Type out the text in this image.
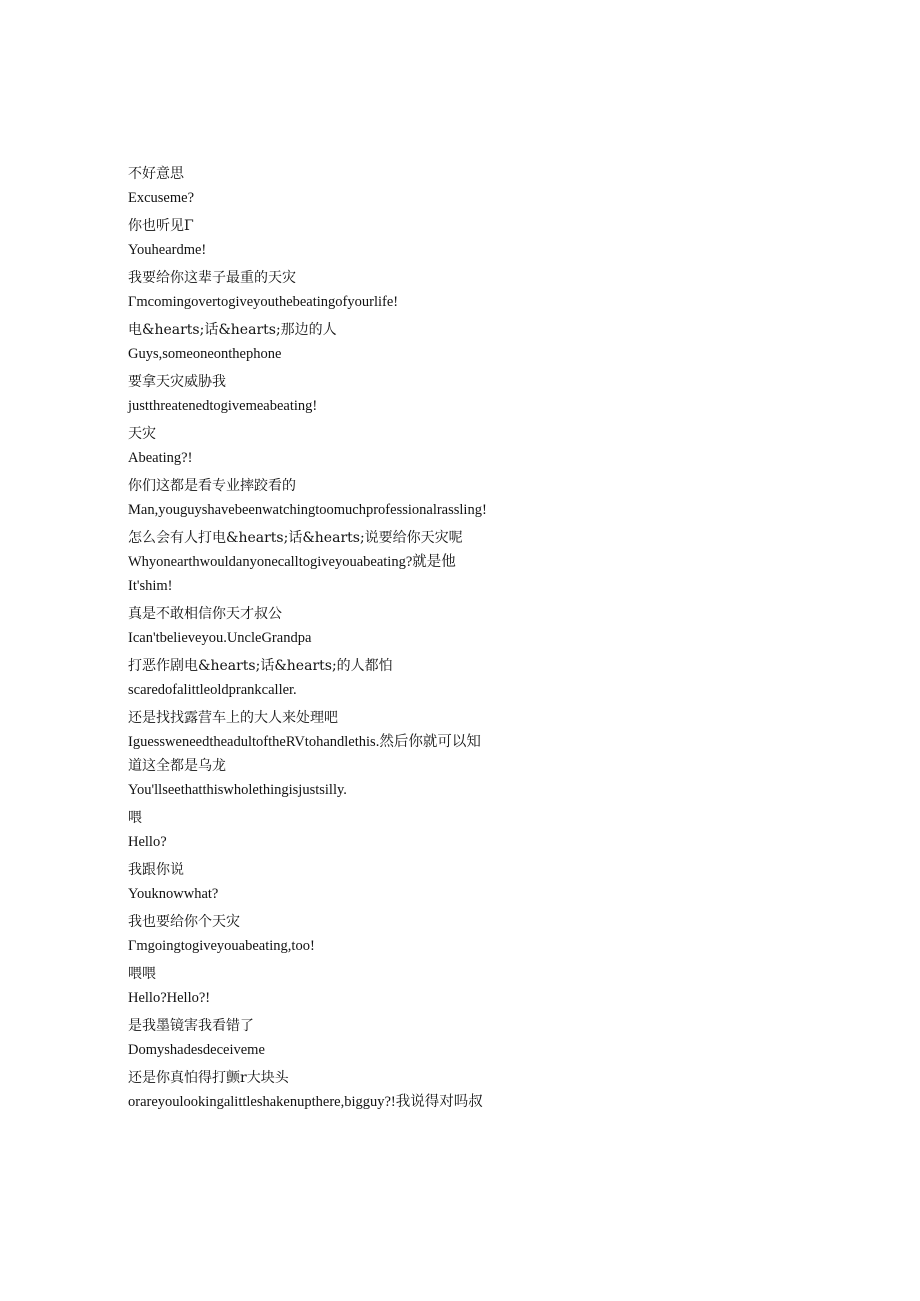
不好意思
Excuseme?
你也听见Γ
Youheardme!
我要给你这辈子最重的天灾
Γmcomingovertogiveyouthebeatingofyourlife!
电&hearts;话&hearts;那边的人
Guys,someoneonthephone
要拿天灾威胁我
justthreatenedtogivemeabeating!
天灾
Abeating?!
你们这都是看专业摔跤看的
Man,youguyshavebeenwatchingtoomuchprofessionalrassling!
怎么会有人打电&hearts;话&hearts;说要给你天灾呢
Whyonearthwouldanyonecalltogiveyouabeating?就是他
It'shim!
真是不敢相信你天才叔公
Ican'tbelieveyou.UncleGrandpa
打恶作剧电&hearts;话&hearts;的人都怕
scaredofalittleoldprankcaller.
还是找找露营车上的大人来处理吧
IguessweneedtheadultoftheRVtohandlethis.然后你就可以知
道这全都是乌龙
You'llseethatthiswholethingisjustsilly.
喂
Hello?
我跟你说
Youknowwhat?
我也要给你个天灾
Γmgoingtogiveyouabeating,too!
喂喂
Hello?Hello?!
是我墨镜害我看错了
Domyshadesdeceiveme
还是你真怕得打颤r大块头
orareyoulookingalittleshakenupthere,bigguy?!我说得对吗叔
